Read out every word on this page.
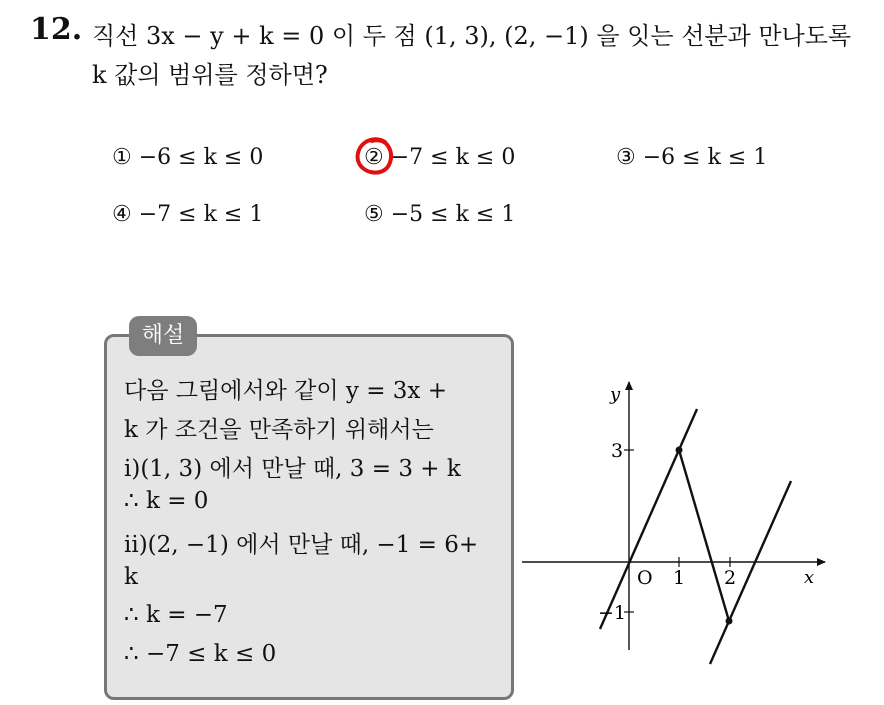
12. 직선 3x − y + k = 0 이 두 점 (1, 3), (2, −1) 을 잇는 선분과 만나도록
k 값의 범위를 정하면?
① −6 ≤ k ≤ 0	② −7 ≤ k ≤ 0	③ −6 ≤ k ≤ 1
④ −7 ≤ k ≤ 1	⑤ −5 ≤ k ≤ 1
해설
다음 그림에서와 같이 y = 3x +
k 가 조건을 만족하기 위해서는
ⅰ)(1, 3) 에서 만날 때, 3 = 3 + k
∴ k = 0
ⅱ)(2, −1) 에서 만날 때, −1 = 6+
k
∴ k = −7
∴ −7 ≤ k ≤ 0
y
x
O 1 2
3
−1
